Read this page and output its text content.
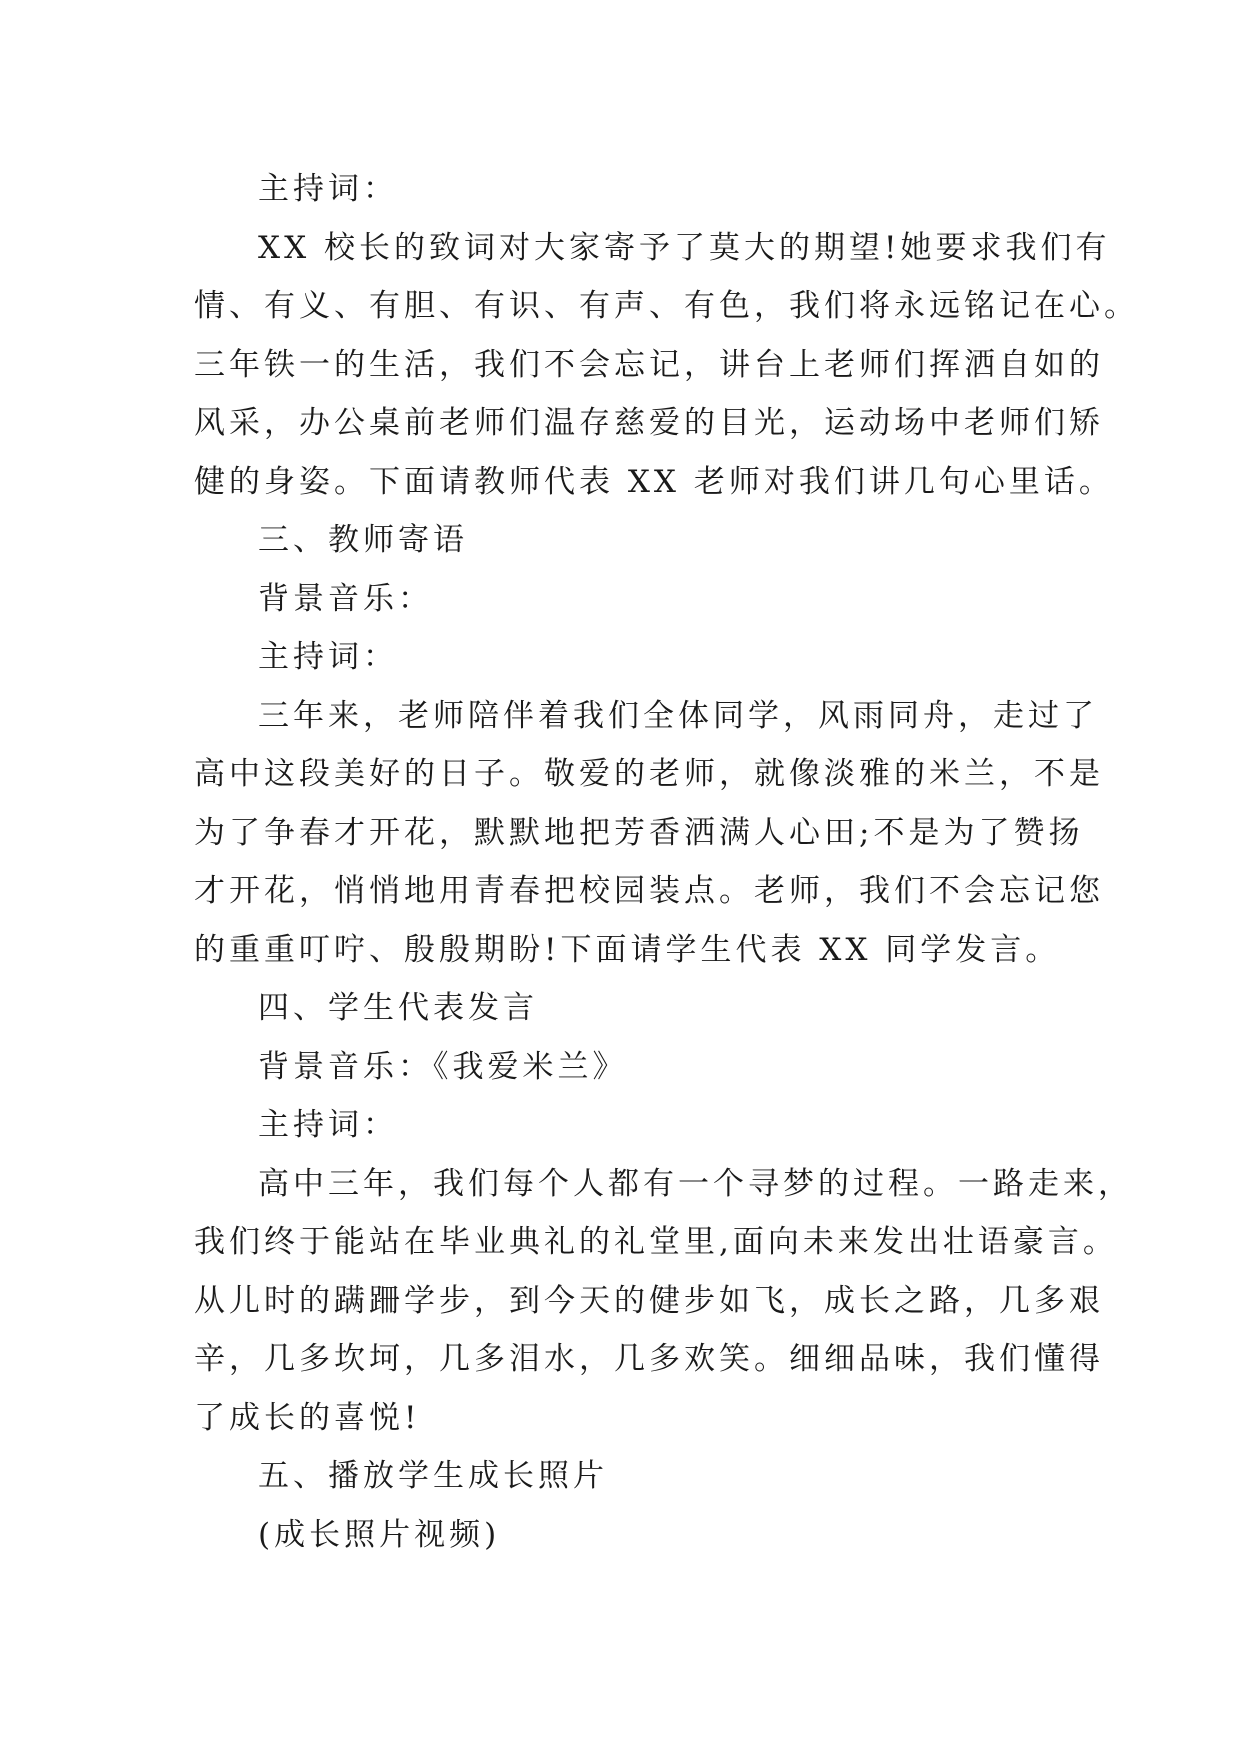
主持词：
XX 校长的致词对大家寄予了莫大的期望!她要求我们有
情、有义、有胆、有识、有声、有色，我们将永远铭记在心。
三年铁一的生活，我们不会忘记，讲台上老师们挥洒自如的
风采，办公桌前老师们温存慈爱的目光，运动场中老师们矫
健的身姿。下面请教师代表 XX 老师对我们讲几句心里话。
三、教师寄语
背景音乐：
主持词：
三年来，老师陪伴着我们全体同学，风雨同舟，走过了
高中这段美好的日子。敬爱的老师，就像淡雅的米兰，不是
为了争春才开花，默默地把芳香洒满人心田;不是为了赞扬
才开花，悄悄地用青春把校园装点。老师，我们不会忘记您
的重重叮咛、殷殷期盼!下面请学生代表 XX 同学发言。
四、学生代表发言
背景音乐：《我爱米兰》
主持词：
高中三年，我们每个人都有一个寻梦的过程。一路走来，
我们终于能站在毕业典礼的礼堂里,面向未来发出壮语豪言。
从儿时的蹒跚学步，到今天的健步如飞，成长之路，几多艰
辛，几多坎坷，几多泪水，几多欢笑。细细品味，我们懂得
了成长的喜悦!
五、播放学生成长照片
(成长照片视频)
